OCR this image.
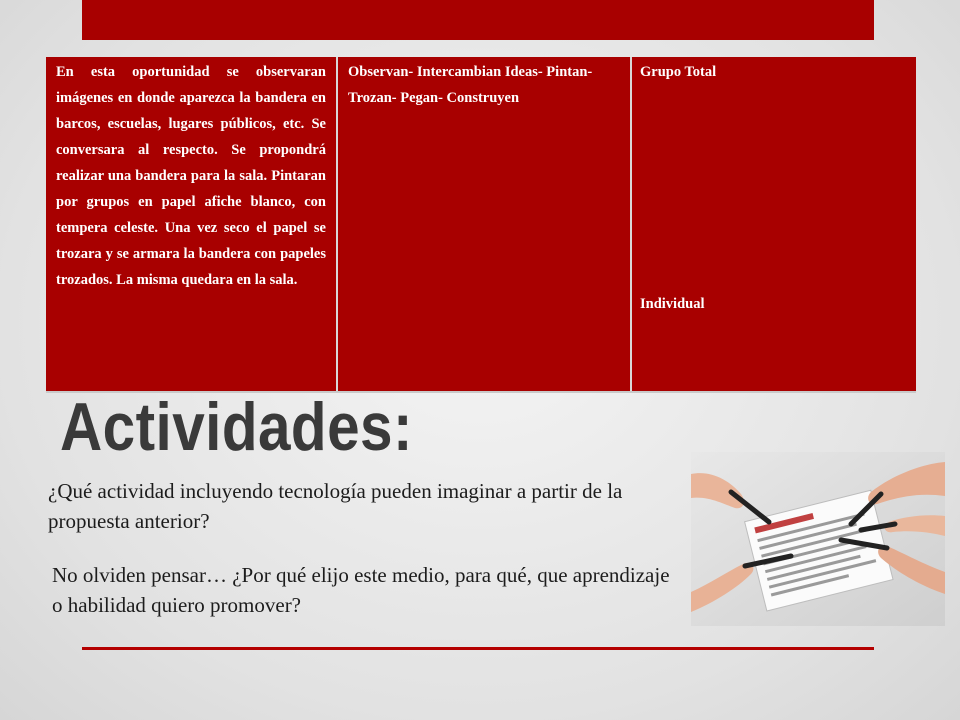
En esta oportunidad se observaran imágenes en donde aparezca la bandera en barcos, escuelas, lugares públicos, etc. Se conversara al respecto. Se propondrá realizar una bandera para la sala. Pintaran por grupos en papel afiche blanco, con tempera celeste. Una vez seco el papel se trozara y se armara la bandera con papeles trozados. La misma quedara en la sala.
Observan- Intercambian Ideas- Pintan- Trozan- Pegan- Construyen
Grupo Total
Individual
Actividades:
¿Qué actividad incluyendo tecnología pueden imaginar a partir de la propuesta anterior?
No olviden pensar… ¿Por qué elijo este medio, para qué, que aprendizaje o habilidad quiero promover?
